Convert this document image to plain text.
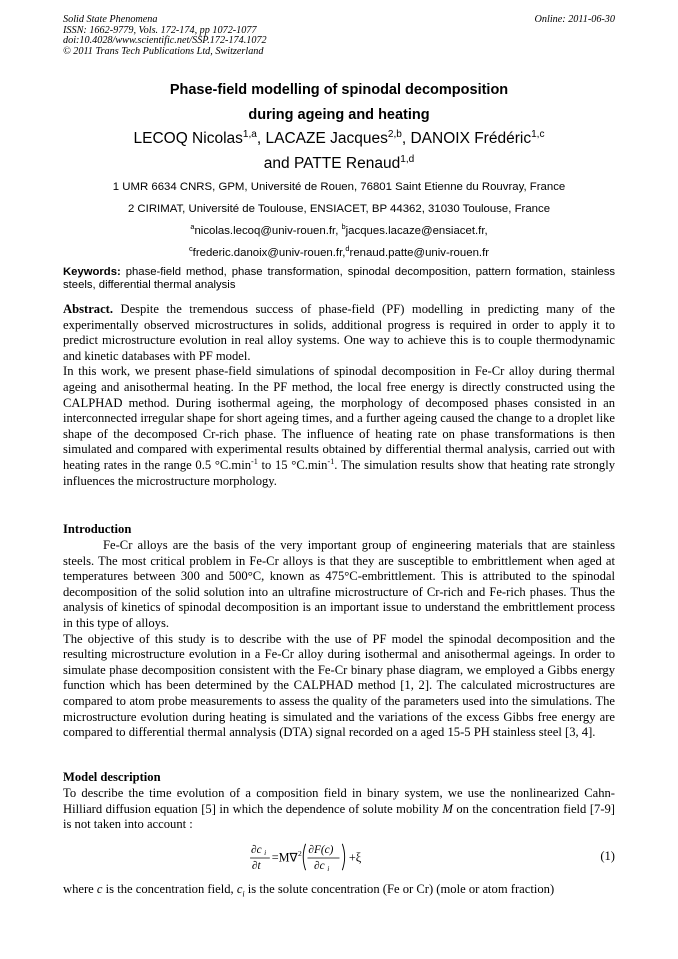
Solid State Phenomena
ISSN: 1662-9779, Vols. 172-174, pp 1072-1077
doi:10.4028/www.scientific.net/SSP.172-174.1072
© 2011 Trans Tech Publications Ltd, Switzerland
Online: 2011-06-30
Phase-field modelling of spinodal decomposition
during ageing and heating
LECOQ Nicolas$^{1,a}$, LACAZE Jacques$^{2,b}$, DANOIX Frédéric$^{1,c}$
and PATTE Renaud$^{1,d}$
1 UMR 6634 CNRS, GPM, Université de Rouen, 76801 Saint Etienne du Rouvray, France
2 CIRIMAT, Université de Toulouse, ENSIACET, BP 44362, 31030 Toulouse, France
$^a$nicolas.lecoq@univ-rouen.fr, $^b$jacques.lacaze@ensiacet.fr,
$^c$frederic.danoix@univ-rouen.fr,$^d$renaud.patte@univ-rouen.fr
Keywords: phase-field method, phase transformation, spinodal decomposition, pattern formation, stainless steels, differential thermal analysis

Abstract. Despite the tremendous success of phase-field (PF) modelling in predicting many of the experimentally observed microstructures in solids, additional progress is required in order to apply it to predict microstructure evolution in real alloy systems. One way to achieve this is to couple thermodynamic and kinetic databases with PF model.

In this work, we present phase-field simulations of spinodal decomposition in Fe-Cr alloy during thermal ageing and anisothermal heating. In the PF method, the local free energy is directly constructed using the CALPHAD method. During isothermal ageing, the morphology of decomposed phases consisted in an interconnected irregular shape for short ageing times, and a further ageing caused the change to a droplet like shape of the decomposed Cr-rich phase. The influence of heating rate on phase transformations is then simulated and compared with experimental results obtained by differential thermal analysis, carried out with heating rates in the range 0.5 $^\circ C.\min^{-1}$ to 15 $^\circ C.\min^{-1}$. The simulation results show that heating rate strongly influences the microstructure morphology.

Introduction

Fe-Cr alloys are the basis of the very important group of engineering materials that are stainless steels. The most critical problem in Fe-Cr alloys is that they are susceptible to embrittlement when aged at temperatures between 300 and 500°C, known as 475°C-embrittlement. This is attributed to the spinodal decomposition of the solid solution into an ultrafine microstructure of Cr-rich and Fe-rich phases. Thus the analysis of kinetics of spinodal decomposition is an important issue to understand the embrittlement process in this type of alloys.

The objective of this study is to describe with the use of PF model the spinodal decomposition and the resulting microstructure evolution in a Fe-Cr alloy during isothermal and anisothermal ageings. In order to simulate phase decomposition consistent with the Fe-Cr binary phase diagram, we employed a Gibbs energy function which has been determined by the CALPHAD method [1, 2]. The calculated microstructures are compared to atom probe measurements to assess the quality of the parameters used into the simulations. The microstructure evolution during heating is simulated and the variations of the excess Gibbs free energy are compared to differential thermal annalysis (DTA) signal recorded on a aged 15-5 PH stainless steel [3, 4].

Model description

To describe the time evolution of a composition field in binary system, we use the nonlinearized Cahn-Hilliard diffusion equation [5] in which the dependence of solute mobility M on the concentration field [7-9] is not taken into account :

∂c i
∂t
=M∇ 2 ∂F(c)
∂c i
+ξ	(1)

where c is the concentration field, $c_i$ is the solute concentration (Fe or Cr) (mole or atom fraction)
